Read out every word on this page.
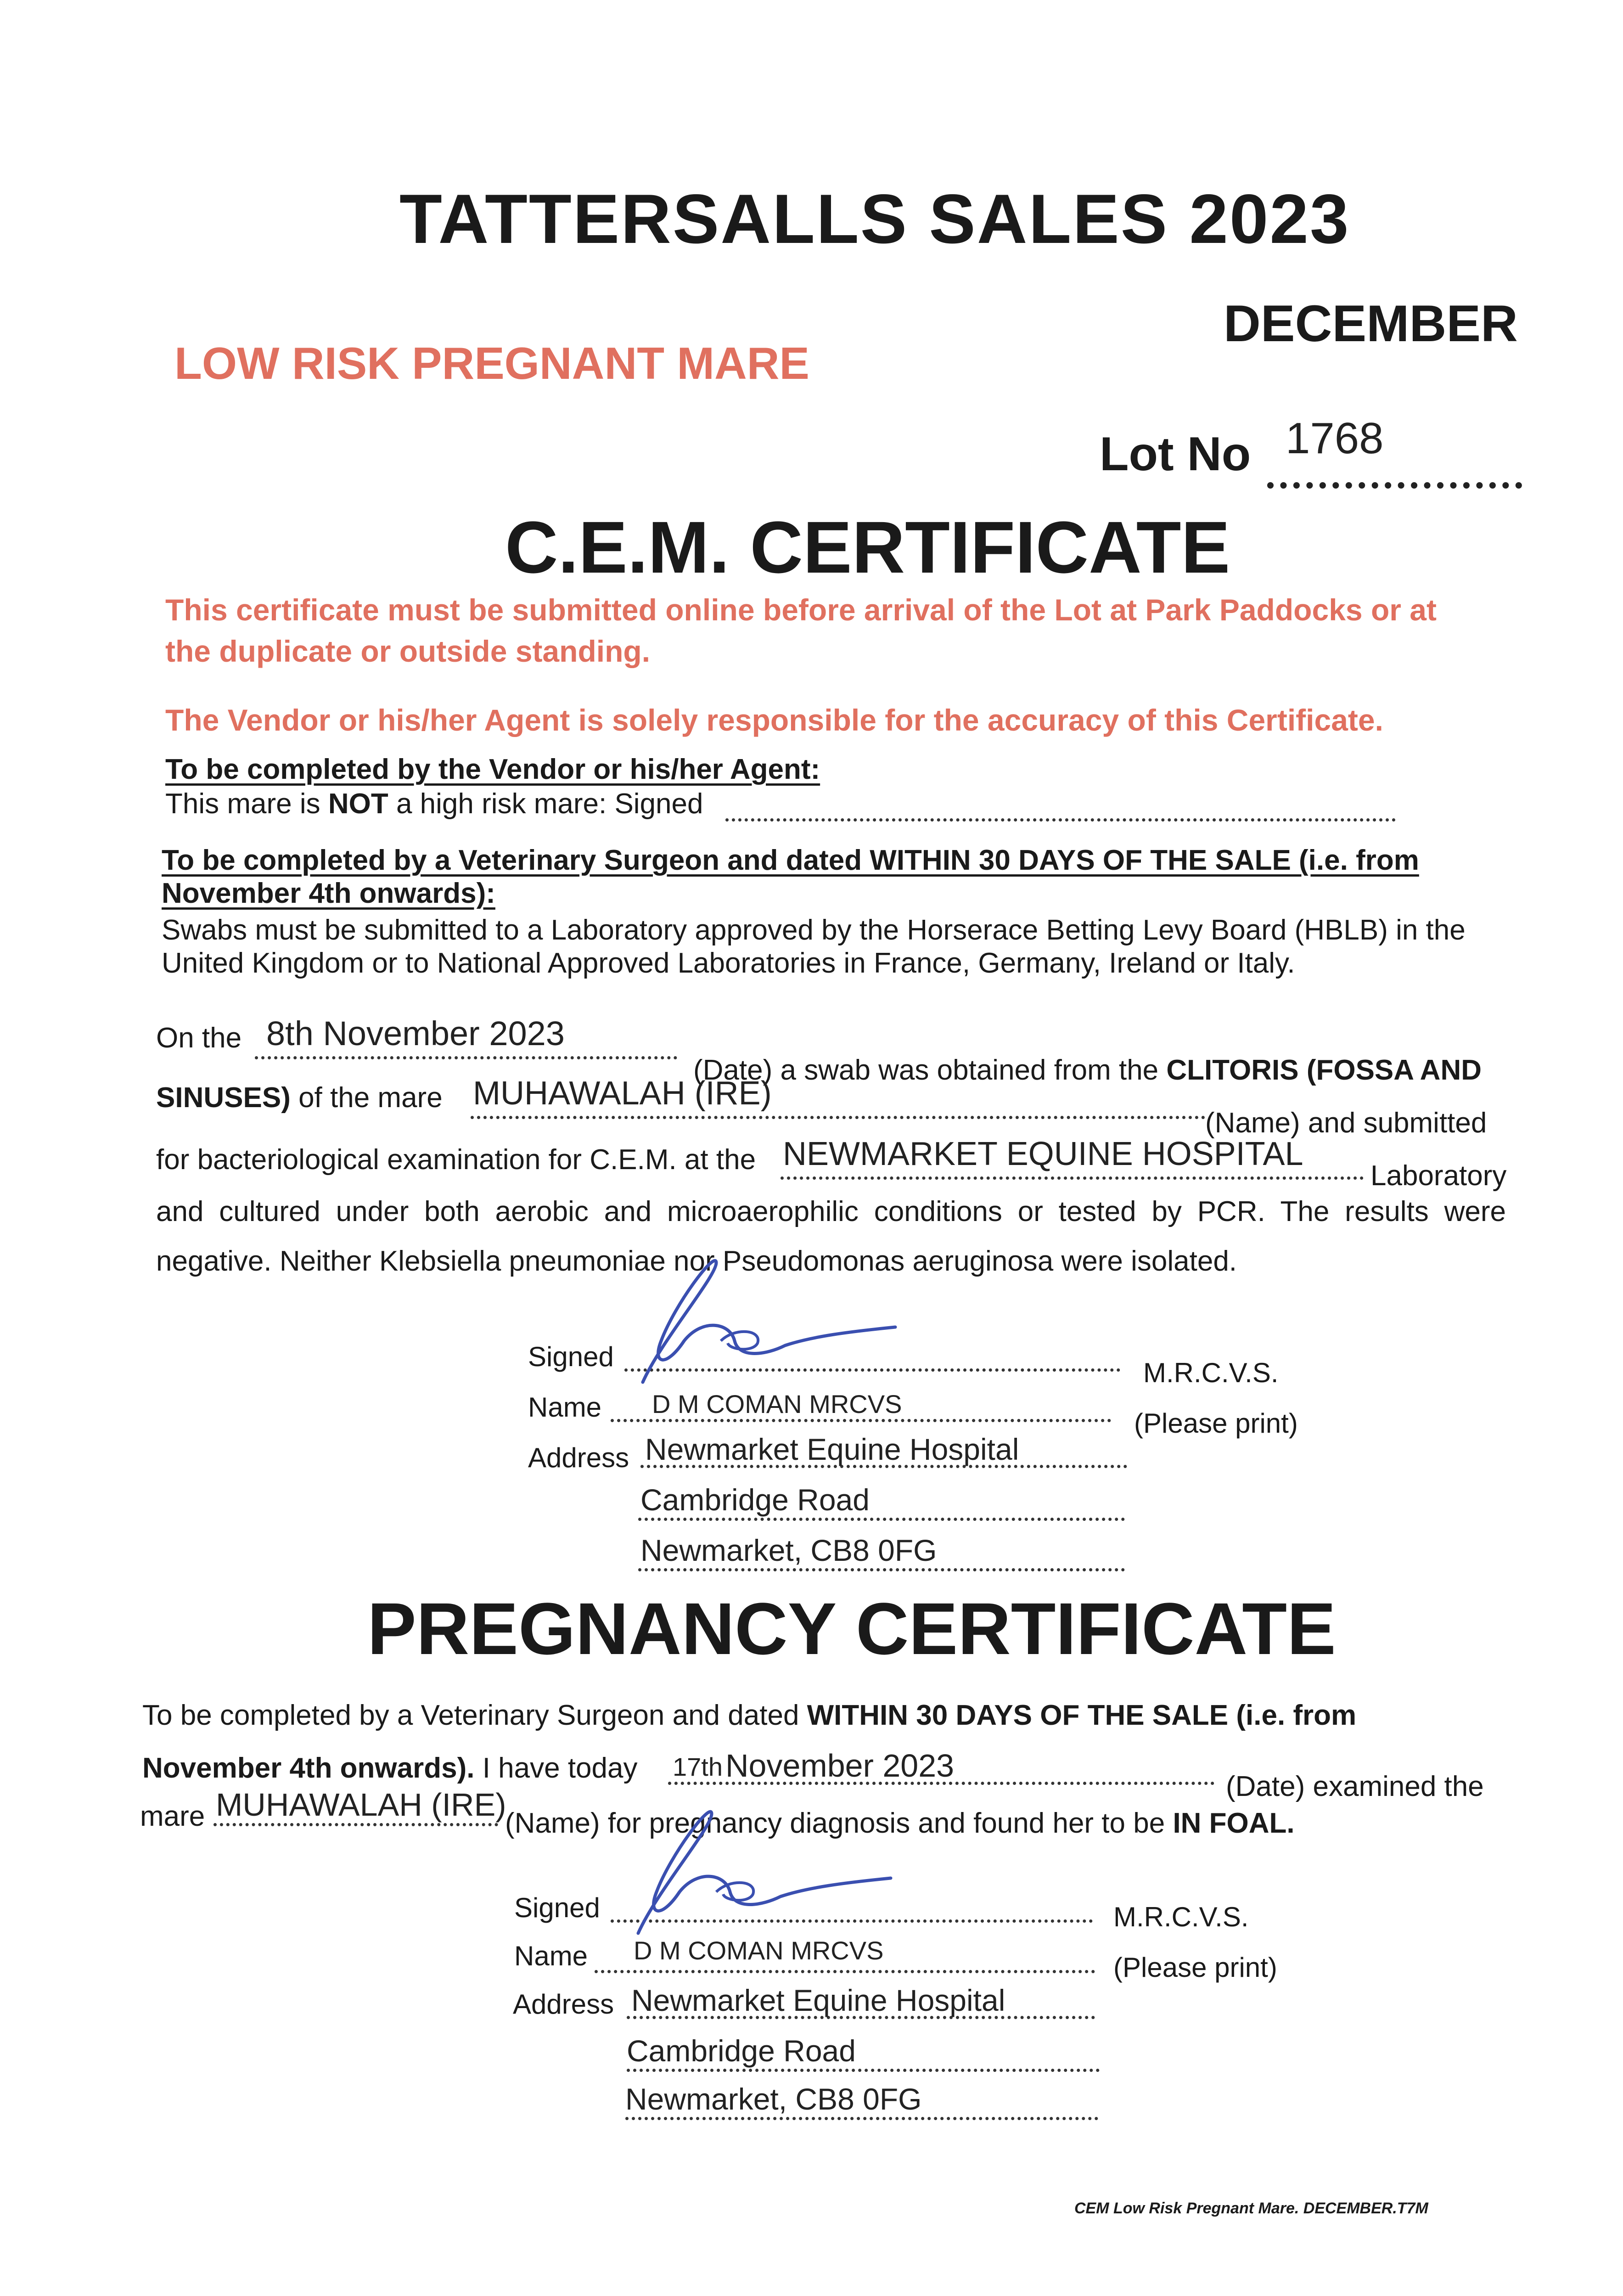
TATTERSALLS SALES 2023
DECEMBER
LOW RISK PREGNANT MARE
Lot No 1768
C.E.M. CERTIFICATE
This certificate must be submitted online before arrival of the Lot at Park Paddocks or at
the duplicate or outside standing.
The Vendor or his/her Agent is solely responsible for the accuracy of this Certificate.
To be completed by the Vendor or his/her Agent:
This mare is NOT a high risk mare: Signed
To be completed by a Veterinary Surgeon and dated WITHIN 30 DAYS OF THE SALE (i.e. from November 4th onwards):
Swabs must be submitted to a Laboratory approved by the Horserace Betting Levy Board (HBLB) in the United Kingdom or to National Approved Laboratories in France, Germany, Ireland or Italy.
On the 8th November 2023
(Date) a swab was obtained from the CLITORIS (FOSSA AND
SINUSES) of the mare MUHAWALAH (IRE)
(Name) and submitted
for bacteriological examination for C.E.M. at the NEWMARKET EQUINE HOSPITAL
Laboratory
and cultured under both aerobic and microaerophilic conditions or tested by PCR. The results were negative. Neither Klebsiella pneumoniae nor Pseudomonas aeruginosa were isolated.
Signed
M.R.C.V.S.
Name D M COMAN MRCVS
(Please print)
Address Newmarket Equine Hospital
Cambridge Road
Newmarket, CB8 0FG
PREGNANCY CERTIFICATE
To be completed by a Veterinary Surgeon and dated WITHIN 30 DAYS OF THE SALE (i.e. from
November 4th onwards). I have today 17th November 2023
(Date) examined the
mare MUHAWALAH (IRE)
(Name) for pregnancy diagnosis and found her to be IN FOAL.
Signed	M.R.C.V.S.
Name D M COMAN MRCVS
(Please print)
Address Newmarket Equine Hospital
Cambridge Road
Newmarket, CB8 0FG
CEM Low Risk Pregnant Mare. DECEMBER.T7M
